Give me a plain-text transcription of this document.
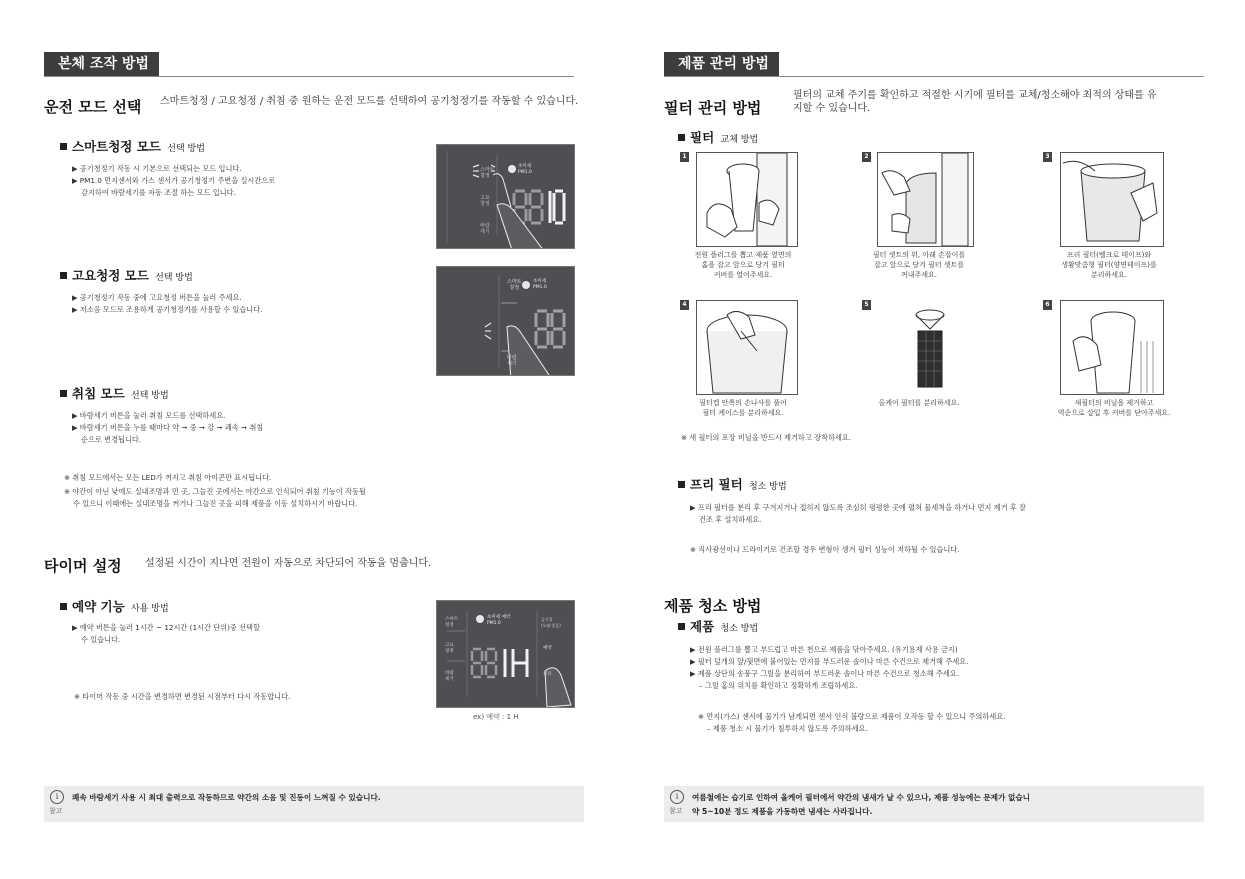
본체 조작 방법
운전 모드 선택 스마트청정 / 고요청정 / 취침 중 원하는 운전 모드를 선택하여 공기청정기를 작동할 수 있습니다.
스마트청정 모드 선택 방법

▶ 공기청정기 작동 시 기본으로 선택되는 모드 입니다.

▶ PM1.0 먼지센서와 가스 센서가 공기청정기 주변을 실시간으로

감지하여 바람세기를 자동 조절 하는 모드 입니다.

스마트
청정
고요
청정
바람
세기
초미세
PM1.0
고요청정 모드 선택 방법

▶ 공기청정기 작동 중에 고요청정 버튼을 눌러 주세요.

▶ 저소음 모드로 조용하게 공기청정기를 사용할 수 있습니다.

스마트
청정
바람
세기
초미세
PM1.0
취침 모드 선택 방법

▶ 바람세기 버튼을 눌러 취침 모드를 선택하세요.

▶ 바람세기 버튼을 누를 때마다 약 ➞ 중 ➞ 강 ➞ 쾌속 ➞ 취침

순으로 변경됩니다.

※ 취침 모드에서는 모든 LED가 꺼지고 취침 아이콘만 표시됩니다.

※ 야간이 아닌 낮에도 실내조명과 먼 곳, 그늘진 곳에서는 야간으로 인식되어 취침 기능이 작동될

수 있으니 이때에는 실내조명을 켜거나 그늘진 곳을 피해 제품을 이동 설치하시기 바랍니다.

타이머 설정 설정된 시간이 지나면 전원이 자동으로 차단되어 작동을 멈춥니다.
예약 기능 사용 방법

▶ 예약 버튼을 눌러 1시간 ~ 12시간 (1시간 단위)중 선택할

수 있습니다.

※ 타이머 작동 중 시간을 변경하면 변경된 시점부터 다시 작동합니다.
스마트
청정
고요
청정
바람
세기
공기질
(오염·좋음)
예약
필터
초미세 예약
PM1.0
ex) 예약 : 1 H
i
참고
쾌속 바람세기 사용 시 최대 출력으로 작동하므로 약간의 소음 및 진동이 느껴질 수 있습니다.
제품 관리 방법
필터 관리 방법
필터의 교체 주기를 확인하고 적절한 시기에 필터를 교체/청소해야 최적의 상태를 유지할 수 있습니다.
필터 교체 방법
1
전원 플러그를 뽑고 제품 옆면의
홈을 잡고 앞으로 당겨 필터
커버를 열어주세요.
2
필터 셋트의 위, 아래 손잡이를
잡고 앞으로 당겨 필터 셋트를
꺼내주세요.
3
프리 필터(벨크로 테이프)와
생활맞춤형 필터(양면테이프)를
분리하세요.
4
필터캡 안쪽의 손나사를 풀어
필터 케이스를 분리하세요.
5
올케어 필터를 분리하세요.
6
새필터의 비닐을 제거하고
역순으로 삽입 후 커버를 닫아주세요.
※ 새 필터의 포장 비닐을 반드시 제거하고 장착하세요.
프리 필터 청소 방법

▶ 프리 필터를 분리 후 구겨지거나 접히지 않도록 조심히 평평한 곳에 펼쳐 물세척을 하거나 먼지 제거 후 잘

건조 후 설치하세요.

※ 직사광선이나 드라이기로 건조할 경우 변형이 생겨 필터 성능이 저하될 수 있습니다.
제품 청소 방법
제품 청소 방법

▶ 전원 플러그를 뽑고 부드럽고 마른 천으로 제품을 닦아주세요. (유기용제 사용 금지)

▶ 필터 덮개의 앞/뒷면에 붙어있는 먼지를 부드러운 솔이나 마른 수건으로 제거해 주세요.

▶ 제품 상단의 송풍구 그릴을 분리하여 부드러운 솔이나 마른 수건으로 청소해 주세요.

– 그릴 홈의 위치를 확인하고 정확하게 조립하세요.

※ 먼지(가스) 센서에 물기가 남게되면 센서 인식 불량으로 제품이 오작동 할 수 있으니 주의하세요.

– 제품 청소 시 물기가 침투하지 않도록 주의하세요.

i
참고
여름철에는 습기로 인하여 올케어 필터에서 약간의 냄새가 날 수 있으나, 제품 성능에는 문제가 없습니
약 5~10분 정도 제품을 가동하면 냄새는 사라집니다.
